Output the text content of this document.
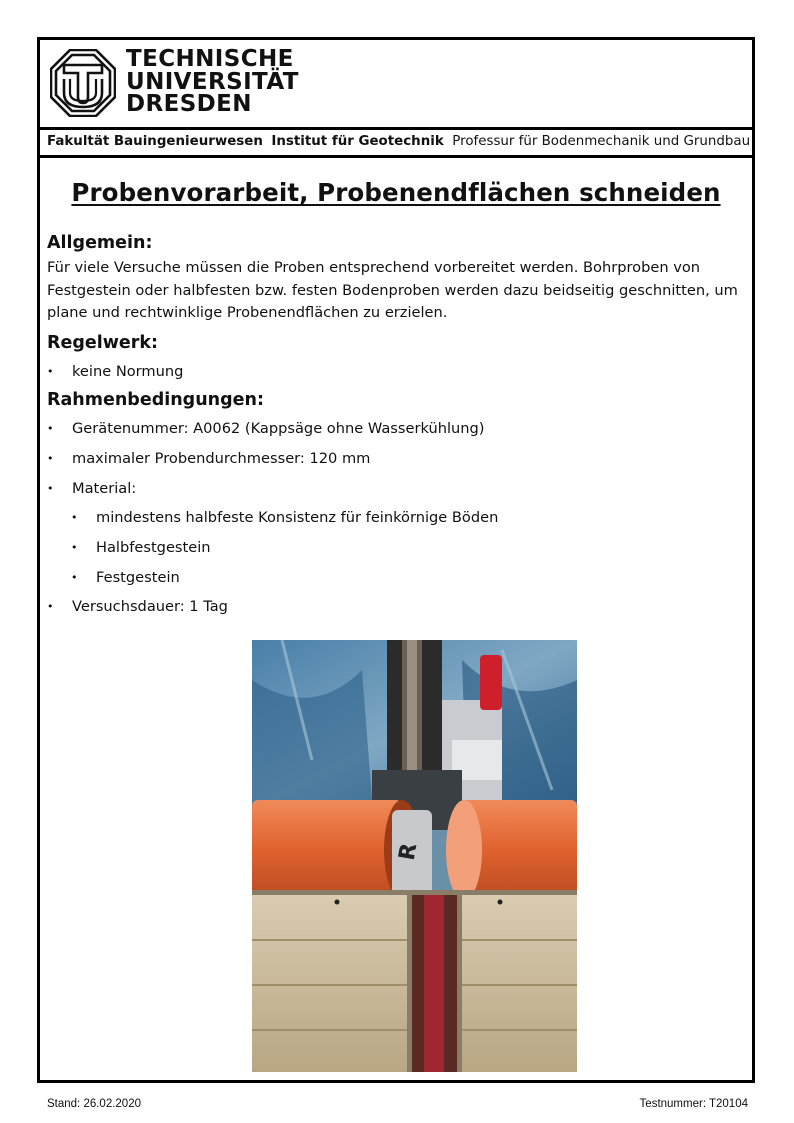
TECHNISCHE
UNIVERSITÄT
DRESDEN
Fakultät Bauingenieurwesen Institut für Geotechnik Professur für Bodenmechanik und Grundbau
Probenvorarbeit, Probenendflächen schneiden
Allgemein:

Für viele Versuche müssen die Proben entsprechend vorbereitet werden. Bohrproben von Festgestein oder halbfesten bzw. festen Bodenproben werden dazu beidseitig geschnitten, um plane und rechtwinklige Probenendflächen zu erzielen.

Regelwerk:
• keine Normung
Rahmenbedingungen:
• Gerätenummer: A0062 (Kappsäge ohne Wasserkühlung)
• maximaler Probendurchmesser: 120 mm
• Material:
• mindestens halbfeste Konsistenz für feinkörnige Böden
• Halbfestgestein
• Festgestein
• Versuchsdauer: 1 Tag
R
Stand: 26.02.2020	Testnummer: T20104
